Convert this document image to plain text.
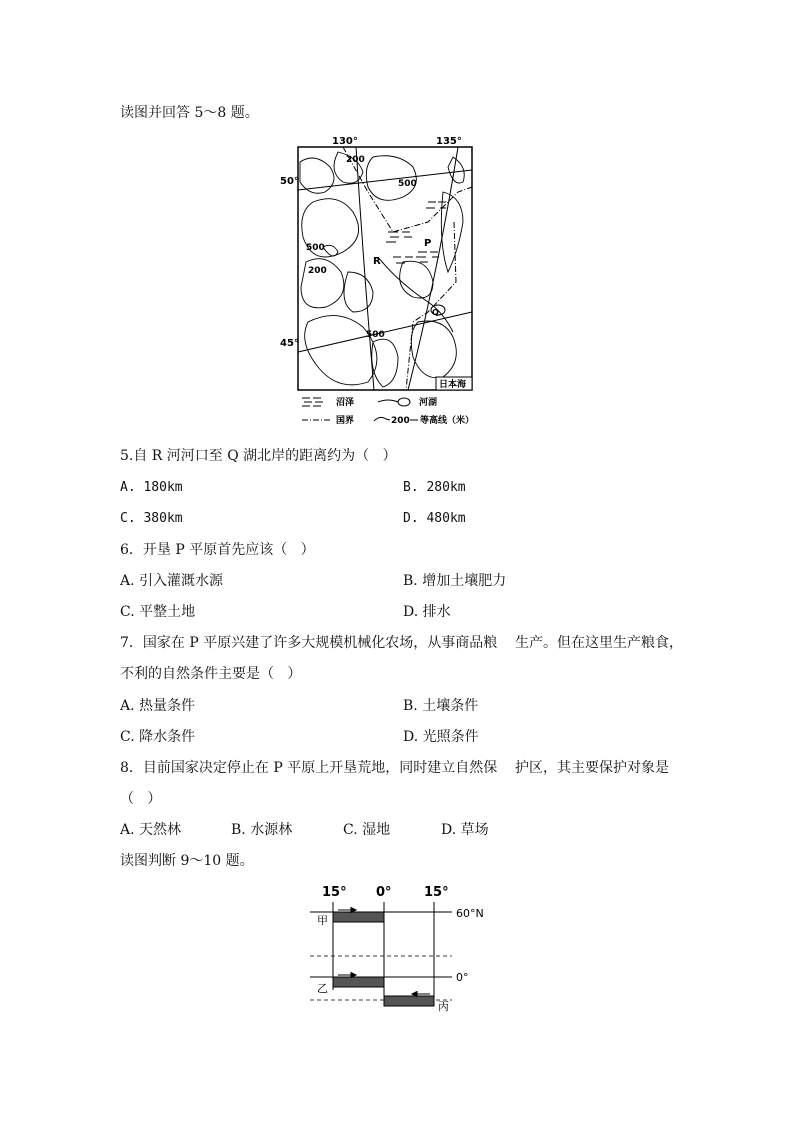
读图并回答 5～8 题。
130°	135°
50°
45°
200
500
500
200
500
P
Q
R
日本海
沼泽	河湖
国界	200 等高线（米）
5.自 R 河河口至 Q 湖北岸的距离约为（   ）
A. 180km	B. 280km
C. 380km	D. 480km
6．开垦 P 平原首先应该（   ）
A. 引入灌溉水源	B. 增加土壤肥力
C. 平整土地	D. 排水
7．国家在 P 平原兴建了许多大规模机械化农场，从事商品粮    生产。但在这里生产粮食，
不利的自然条件主要是（   ）
A. 热量条件	B. 土壤条件
C. 降水条件	D. 光照条件
8．目前国家决定停止在 P 平原上开垦荒地，同时建立自然保    护区，其主要保护对象是
（   ）
A. 天然林	B. 水源林	C. 湿地	D. 草场
读图判断 9～10 题。
15° 0° 15°
60°N
0°
甲
乙
丙
